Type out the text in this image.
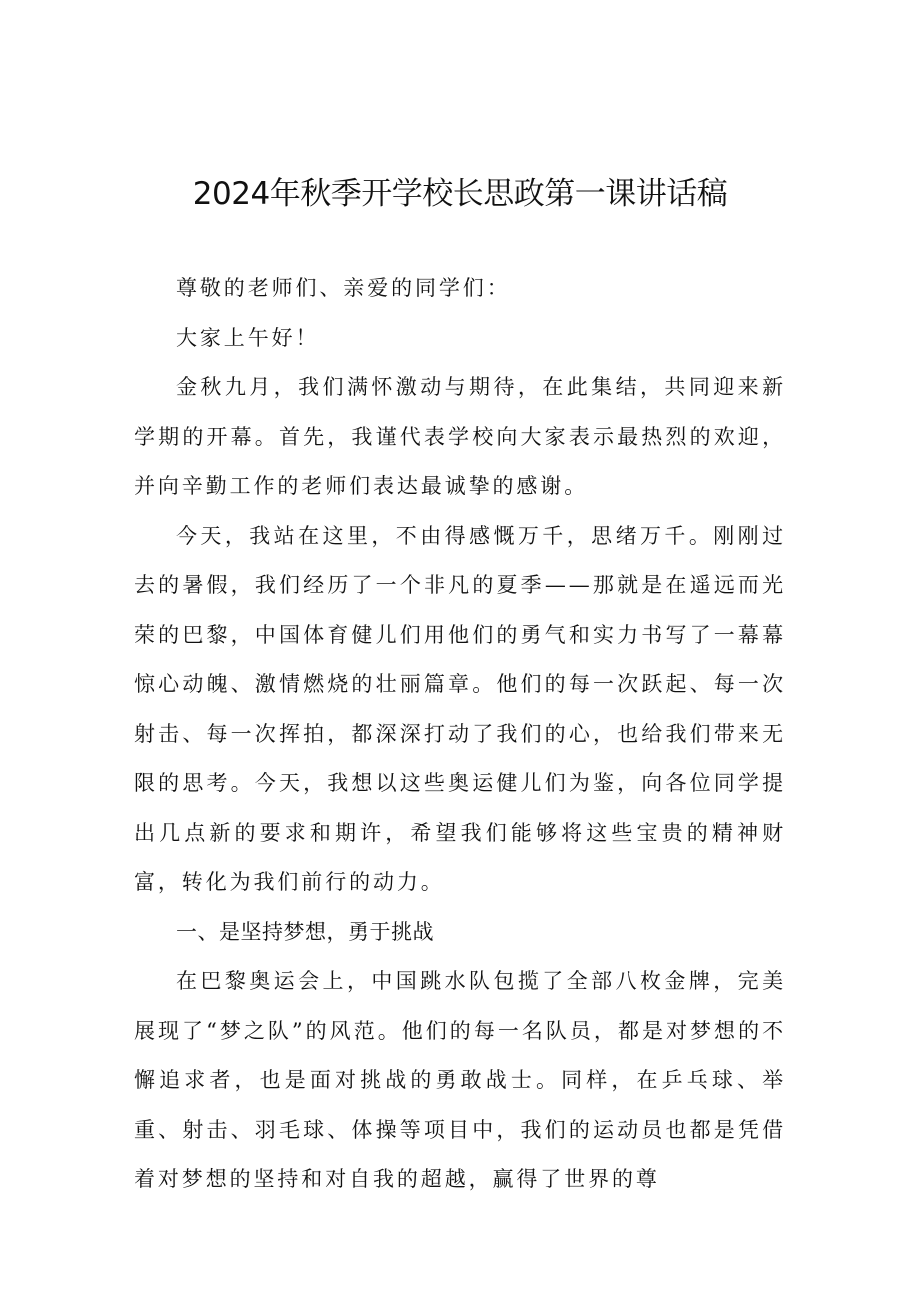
2024年秋季开学校长思政第一课讲话稿

尊敬的老师们、亲爱的同学们：

大家上午好！

金秋九月，我们满怀激动与期待，在此集结，共同迎来新学期的开幕。首先，我谨代表学校向大家表示最热烈的欢迎，并向辛勤工作的老师们表达最诚挚的感谢。

今天，我站在这里，不由得感慨万千，思绪万千。刚刚过去的暑假，我们经历了一个非凡的夏季——那就是在遥远而光荣的巴黎，中国体育健儿们用他们的勇气和实力书写了一幕幕惊心动魄、激情燃烧的壮丽篇章。他们的每一次跃起、每一次射击、每一次挥拍，都深深打动了我们的心，也给我们带来无限的思考。今天，我想以这些奥运健儿们为鉴，向各位同学提出几点新的要求和期许，希望我们能够将这些宝贵的精神财富，转化为我们前行的动力。

一、是坚持梦想，勇于挑战

在巴黎奥运会上，中国跳水队包揽了全部八枚金牌，完美展现了“梦之队”的风范。他们的每一名队员，都是对梦想的不懈追求者，也是面对挑战的勇敢战士。同样，在乒乓球、举重、射击、羽毛球、体操等项目中，我们的运动员也都是凭借着对梦想的坚持和对自我的超越，赢得了世界的尊
